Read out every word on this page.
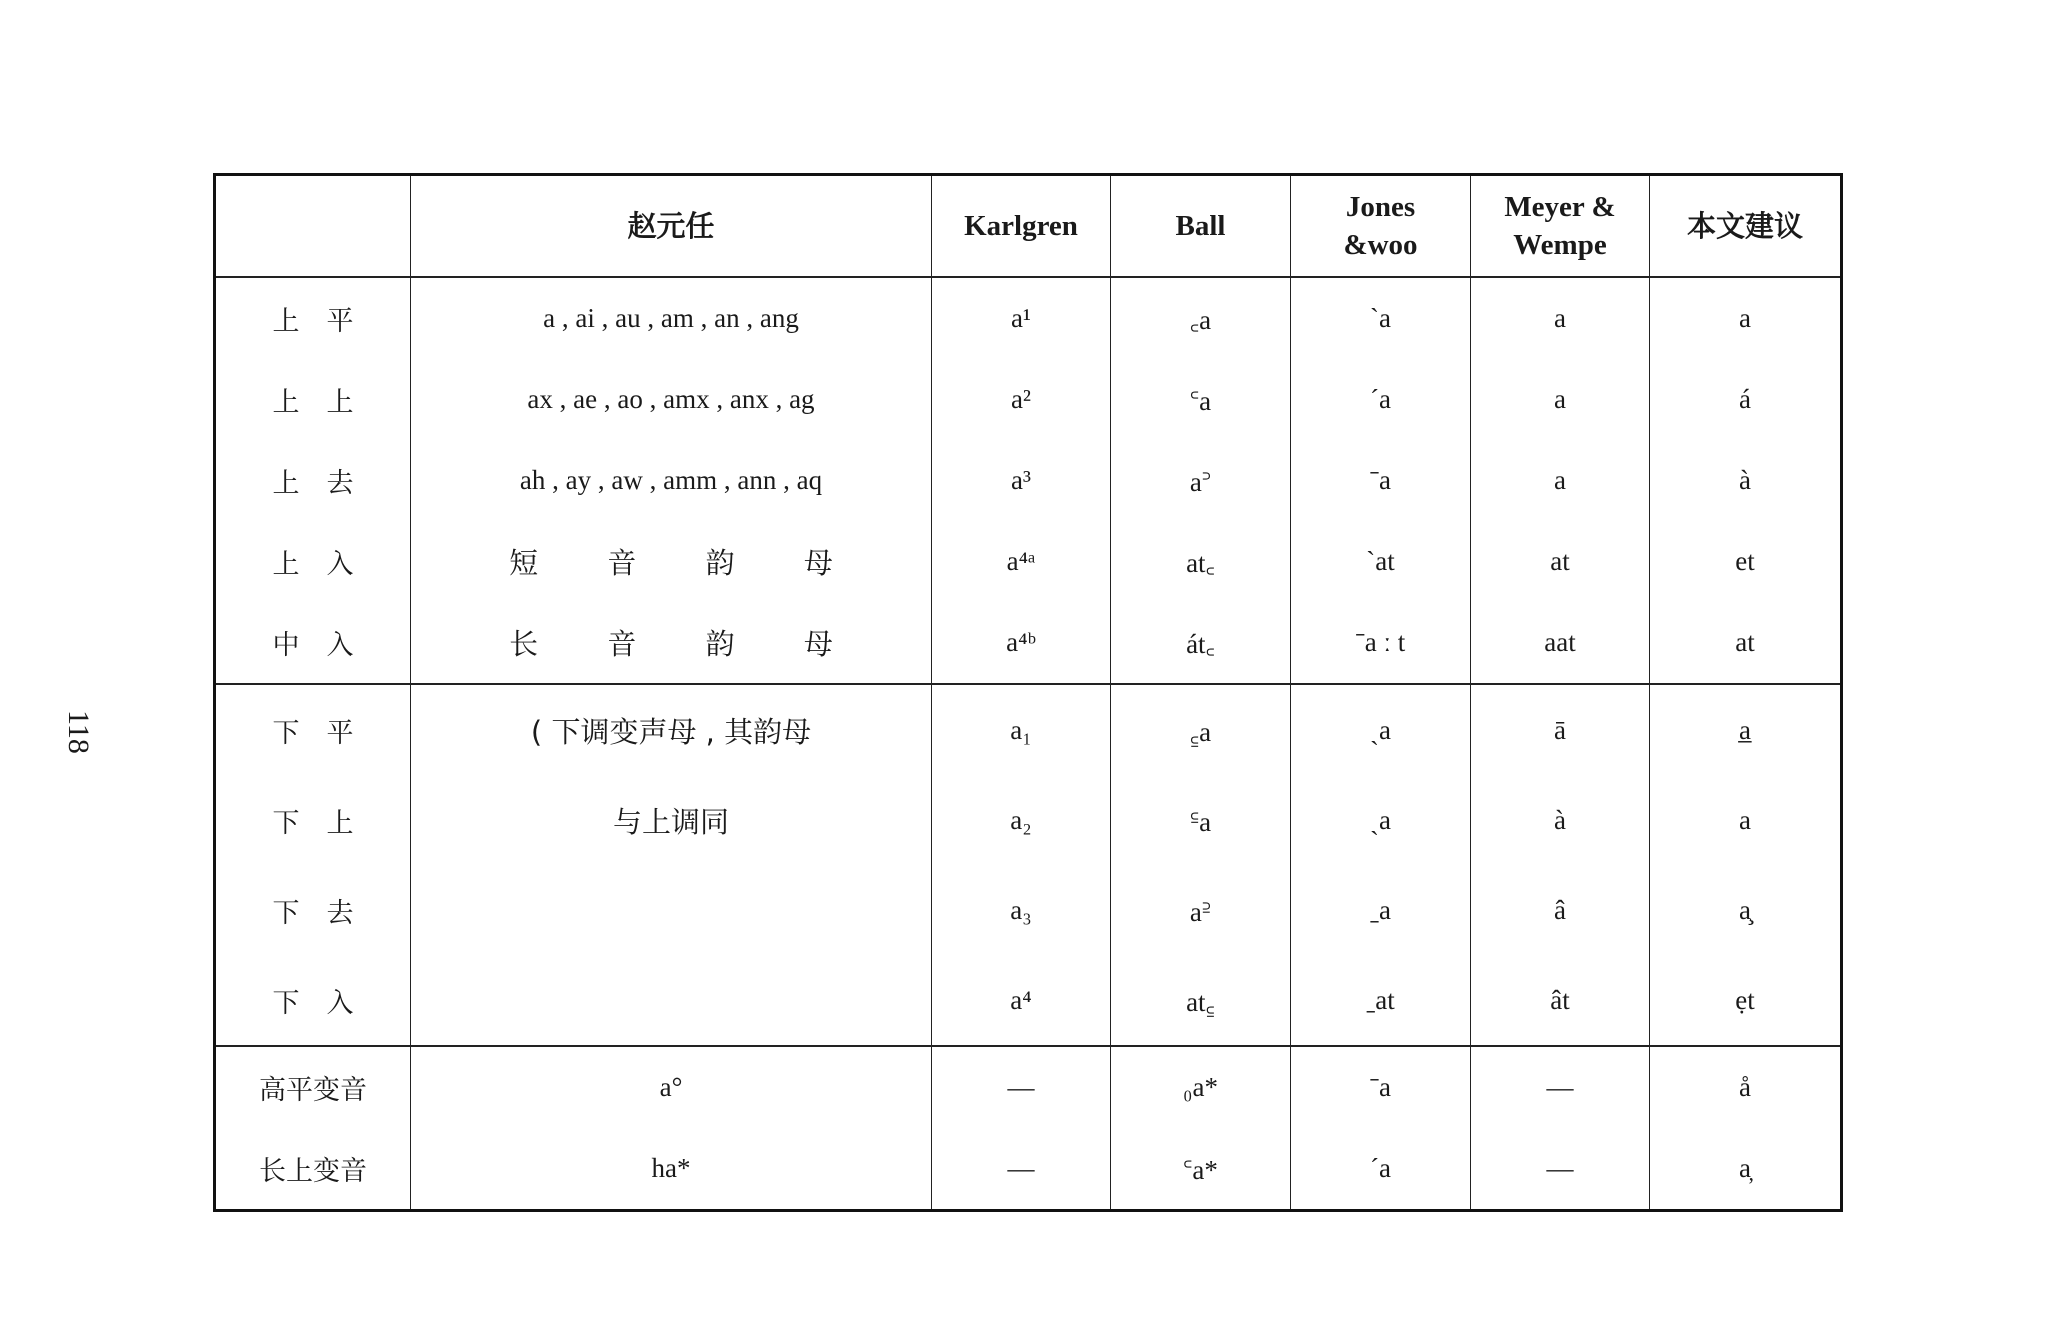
118
	赵元任	Karlgren	Ball	Jones
&woo	Meyer &
Wempe	本文建议
上　平	a , ai , au , am , an , ang	a¹	꜀a	ˋa	a	a
上　上	ax , ae , ao , amx , anx , ag	a²	꜂a	ˊa	a	á
上　去	ah , ay , aw , amm , ann , aq	a³	a꜄	ˉa	a	à
上　入	短 音 韵 母	a⁴ᵃ	at꜀	ˋat	at	et
中　入	长 音 韵 母	a⁴ᵇ	át꜀	ˉa ː t	aat	at
下　平	( 下调变声母 , 其韵母	a₁	꜁a	ˎa	ā	a̲
下　上	与上调同	a₂	꜃a	ˏa	à	a
下　去		a₃	a꜅	ˍa	â	a̧
下　入		a⁴	at꜁	ˍat	ât	ẹt
高平变音	a°	—	₀a*	ˉa	—	å
长上变音	ha*	—	꜂a*	ˊa	—	a̦
